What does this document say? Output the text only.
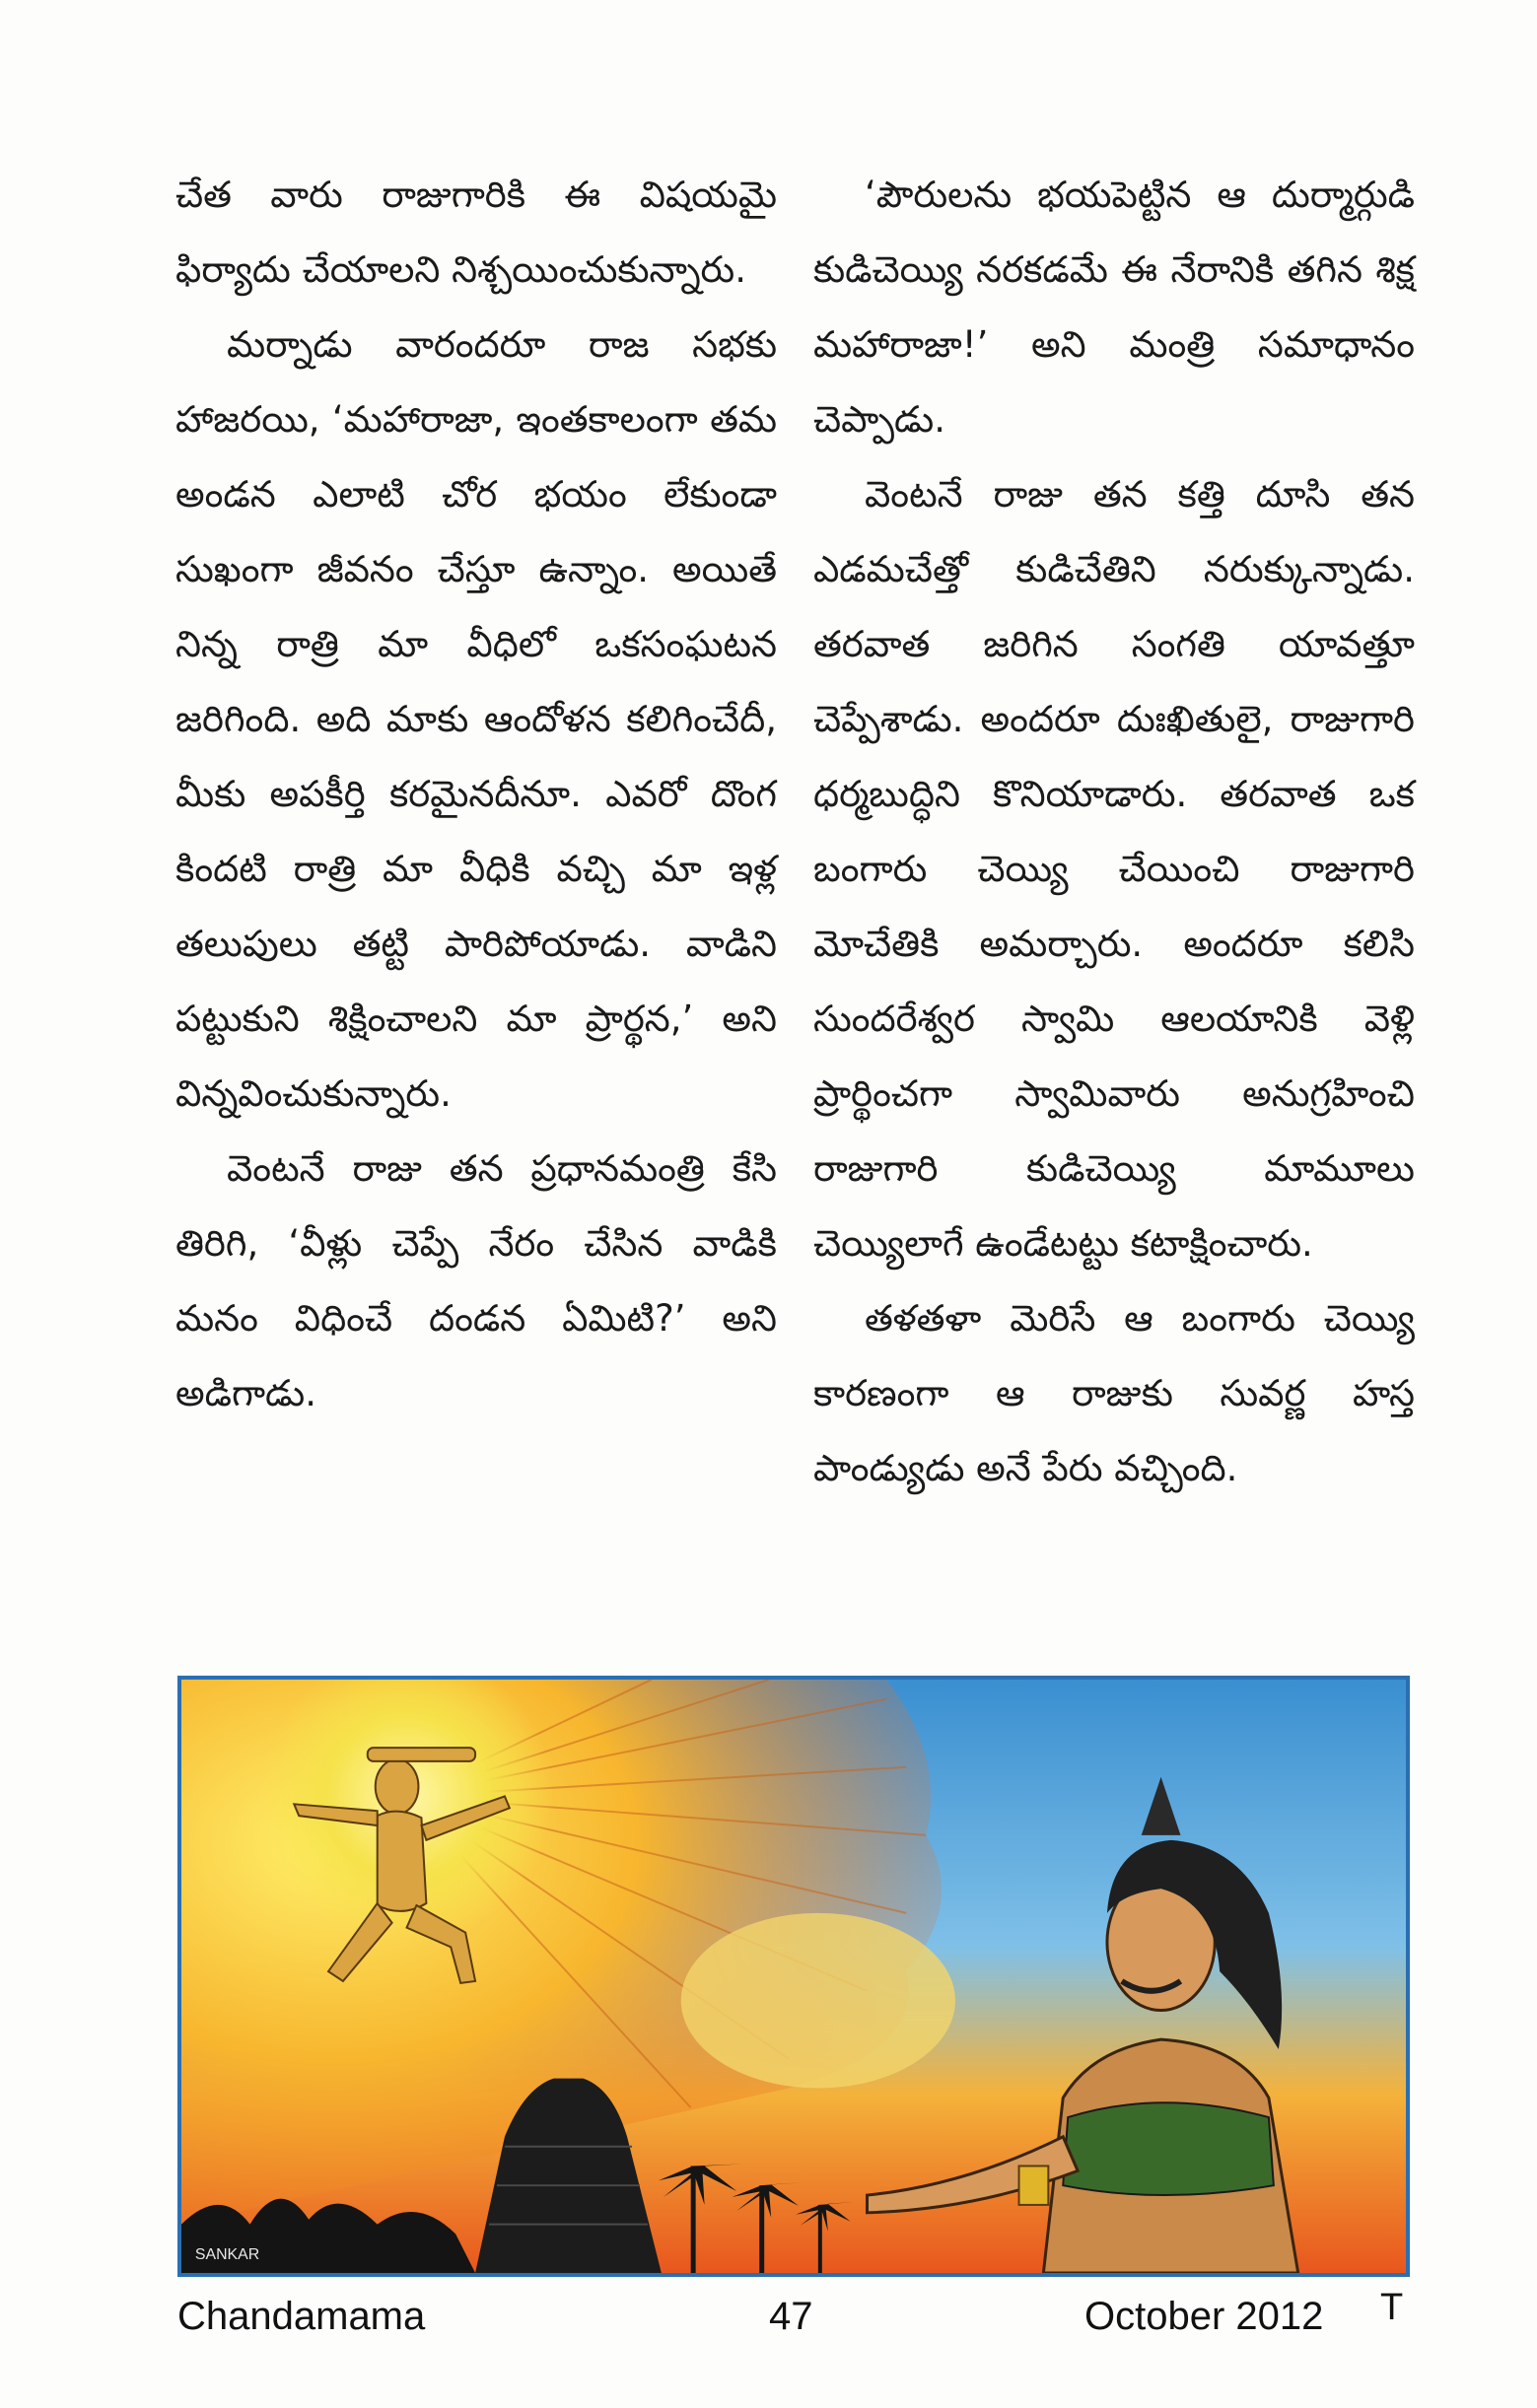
చేత వారు రాజుగారికి ఈ విషయమై ఫిర్యాదు చేయాలని నిశ్చయించుకున్నారు.

మర్నాడు వారందరూ రాజ సభకు హాజరయి, ‘మహారాజా, ఇంతకాలంగా తమ అండన ఎలాటి చోర భయం లేకుండా సుఖంగా జీవనం చేస్తూ ఉన్నాం. అయితే నిన్న రాత్రి మా వీధిలో ఒకసంఘటన జరిగింది. అది మాకు ఆందోళన కలిగించేదీ, మీకు అపకీర్తి కరమైనదీనూ. ఎవరో దొంగ కిందటి రాత్రి మా వీధికి వచ్చి మా ఇళ్ల తలుపులు తట్టి పారిపోయాడు. వాడిని పట్టుకుని శిక్షించాలని మా ప్రార్థన,’ అని విన్నవించుకున్నారు.

వెంటనే రాజు తన ప్రధానమంత్రి కేసి తిరిగి, ‘వీళ్లు చెప్పే నేరం చేసిన వాడికి మనం విధించే దండన ఏమిటి?’ అని అడిగాడు.

‘పౌరులను భయపెట్టిన ఆ దుర్మార్గుడి కుడిచెయ్యి నరకడమే ఈ నేరానికి తగిన శిక్ష మహారాజా!’ అని మంత్రి సమాధానం చెప్పాడు.

వెంటనే రాజు తన కత్తి దూసి తన ఎడమచేత్తో కుడిచేతిని నరుక్కున్నాడు. తరవాత జరిగిన సంగతి యావత్తూ చెప్పేశాడు. అందరూ దుఃఖితులై, రాజుగారి ధర్మబుద్ధిని కొనియాడారు. తరవాత ఒక బంగారు చెయ్యి చేయించి రాజుగారి మోచేతికి అమర్చారు. అందరూ కలిసి సుందరేశ్వర స్వామి ఆలయానికి వెళ్లి ప్రార్థించగా స్వామివారు అనుగ్రహించి రాజుగారి కుడిచెయ్యి మామూలు చెయ్యిలాగే ఉండేటట్టు కటాక్షించారు.

తళతళా మెరిసే ఆ బంగారు చెయ్యి కారణంగా ఆ రాజుకు సువర్ణ హస్త పాండ్యుడు అనే పేరు వచ్చింది.

SANKAR
Chandamama	47	October 2012 T
